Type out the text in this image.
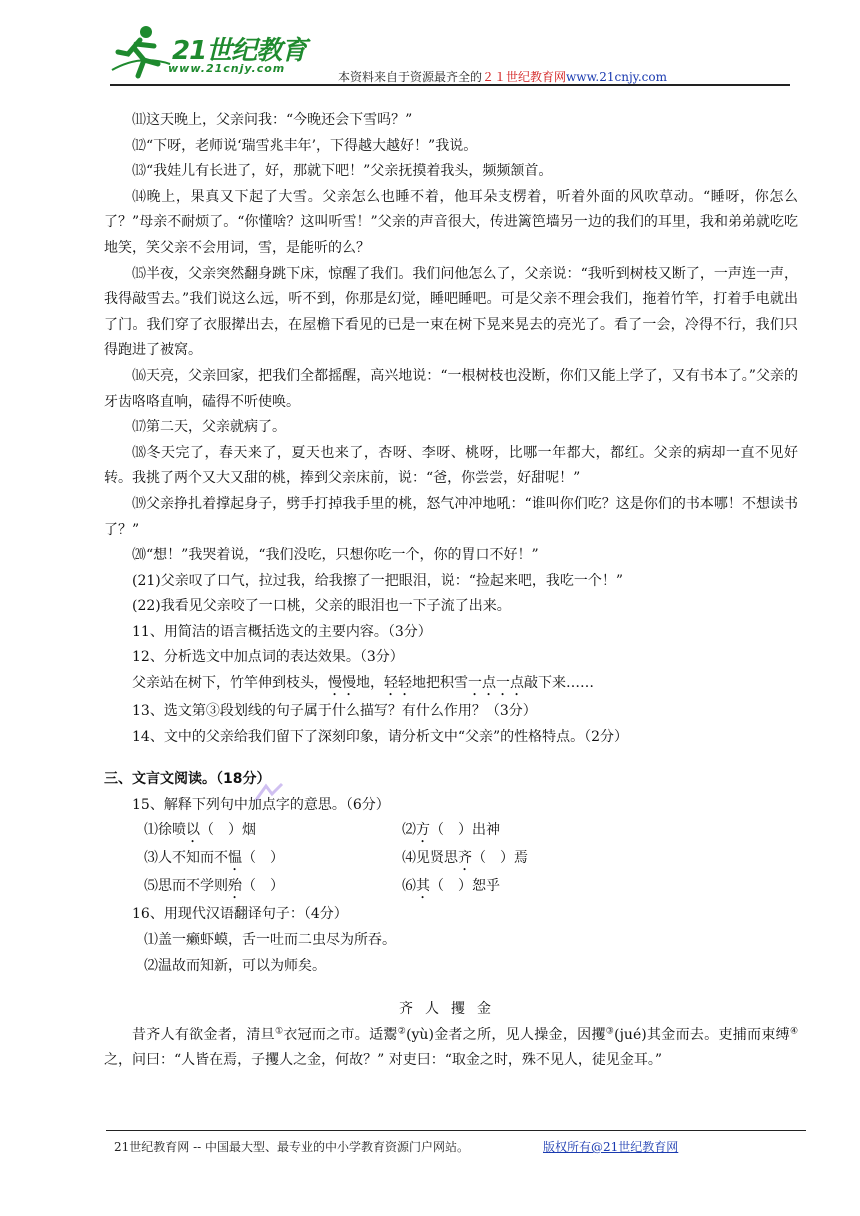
21世纪教育
www.21cnjy.com
本资料来自于资源最齐全的２１世纪教育网www.21cnjy.com

⑾这天晚上，父亲问我：“今晚还会下雪吗？”

⑿“下呀，老师说‘瑞雪兆丰年’，下得越大越好！”我说。

⒀“我娃儿有长进了，好，那就下吧！”父亲抚摸着我头，频频颔首。

⒁晚上，果真又下起了大雪。父亲怎么也睡不着，他耳朵支楞着，听着外面的风吹草动。“睡呀，你怎么了？”母亲不耐烦了。“你懂啥？这叫听雪！”父亲的声音很大，传进篱笆墙另一边的我们的耳里，我和弟弟就吃吃地笑，笑父亲不会用词，雪，是能听的么？

⒂半夜，父亲突然翻身跳下床，惊醒了我们。我们问他怎么了，父亲说：“我听到树枝又断了，一声连一声，我得敲雪去。”我们说这么远，听不到，你那是幻觉，睡吧睡吧。可是父亲不理会我们，拖着竹竿，打着手电就出了门。我们穿了衣服撵出去，在屋檐下看见的已是一束在树下晃来晃去的亮光了。看了一会，冷得不行，我们只得跑进了被窝。

⒃天亮，父亲回家，把我们全都摇醒，高兴地说：“一根树枝也没断，你们又能上学了，又有书本了。”父亲的牙齿咯咯直响，磕得不听使唤。

⒄第二天，父亲就病了。

⒅冬天完了，春天来了，夏天也来了，杏呀、李呀、桃呀，比哪一年都大，都红。父亲的病却一直不见好转。我挑了两个又大又甜的桃，捧到父亲床前，说：“爸，你尝尝，好甜呢！”

⒆父亲挣扎着撑起身子，劈手打掉我手里的桃，怒气冲冲地吼：“谁叫你们吃？这是你们的书本哪！不想读书了？”

⒇“想！”我哭着说，“我们没吃，只想你吃一个，你的胃口不好！”

(21)父亲叹了口气，拉过我，给我擦了一把眼泪，说：“捡起来吧，我吃一个！”

(22)我看见父亲咬了一口桃，父亲的眼泪也一下子流了出来。

11、用简洁的语言概括选文的主要内容。（3分）

12、分析选文中加点词的表达效果。（3分）

父亲站在树下，竹竿伸到枝头，慢慢地，轻轻地把积雪一点一点敲下来……

13、选文第③段划线的句子属于什么描写？有什么作用？（3分）

14、文中的父亲给我们留下了深刻印象，请分析文中“父亲”的性格特点。（2分）

三、文言文阅读。（18分）

15、解释下列句中加点字的意思。（6分）

⑴徐喷以（　）烟	⑵方（　）出神
⑶人不知而不愠（　）	⑷见贤思齐（　）焉
⑸思而不学则殆（　）	⑹其（　）恕乎

16、用现代汉语翻译句子：（4分）

⑴盖一癞虾蟆，舌一吐而二虫尽为所吞。

⑵温故而知新，可以为师矣。

齐人攫金

昔齐人有欲金者，清旦①衣冠而之市。适鬻②(yù)金者之所，见人操金，因攫③(jué)其金而去。吏捕而束缚④之，问曰：“人皆在焉，子攫人之金，何故？” 对吏曰：“取金之时，殊不见人，徒见金耳。”

21世纪教育网 -- 中国最大型、最专业的中小学教育资源门户网站。	版权所有@21世纪教育网
